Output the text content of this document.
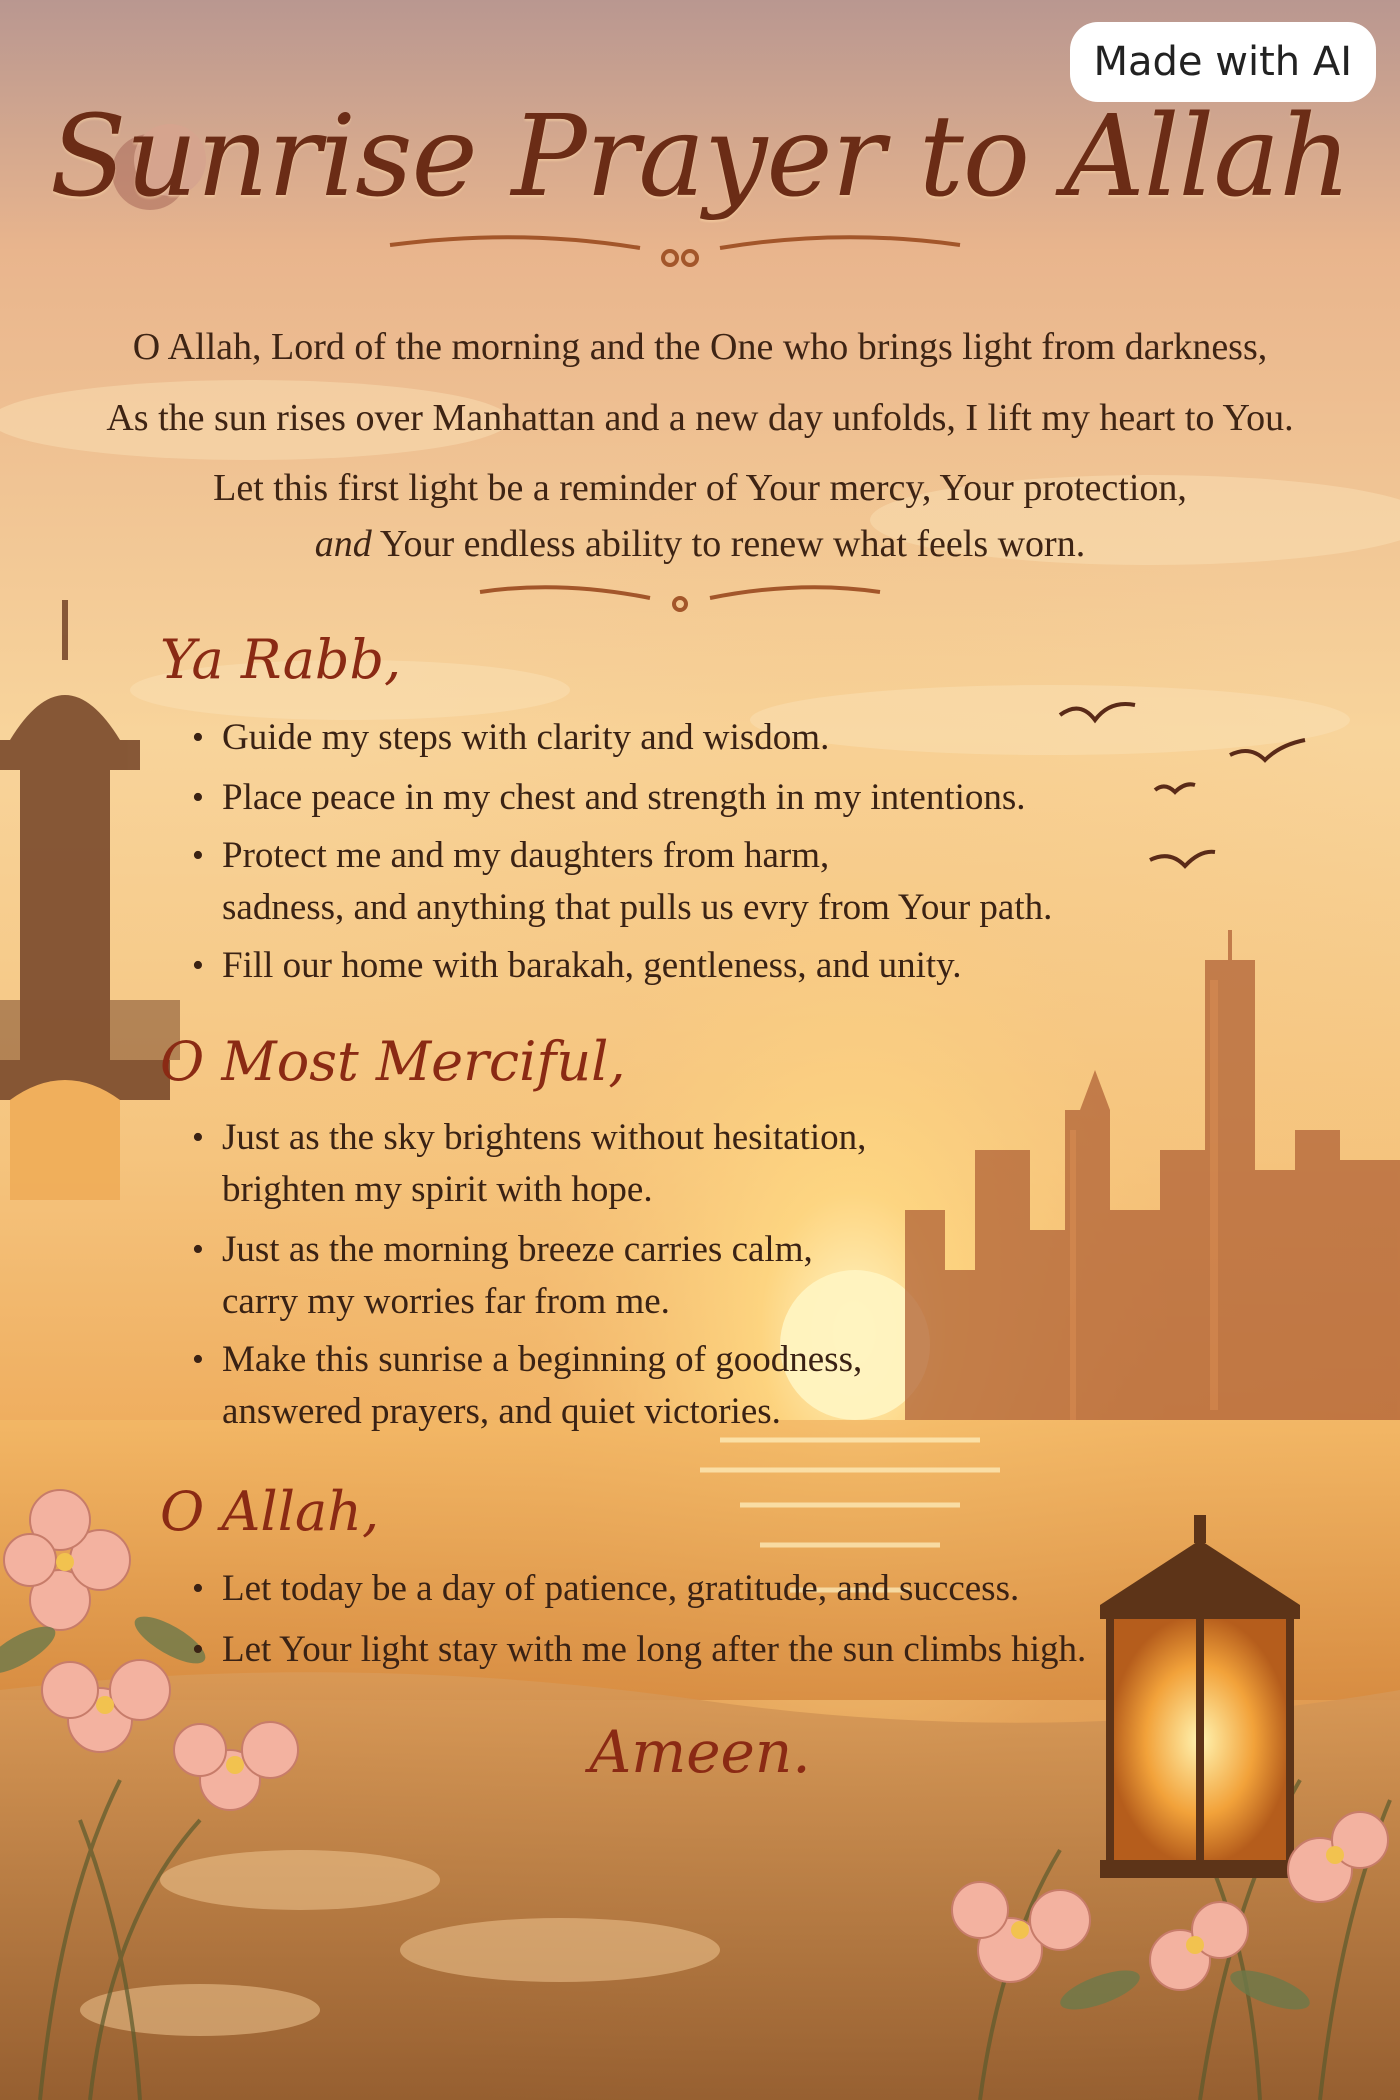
Made with AI
Sunrise Prayer to Allah
O Allah, Lord of the morning and the One who brings light from darkness,
As the sun rises over Manhattan and a new day unfolds, I lift my heart to You.
Let this first light be a reminder of Your mercy, Your protection,
and Your endless ability to renew what feels worn.
Ya Rabb,
• Guide my steps with clarity and wisdom.
• Place peace in my chest and strength in my intentions.
• Protect me and my daughters from harm,
sadness, and anything that pulls us evry from Your path.
• Fill our home with barakah, gentleness, and unity.
O Most Merciful,
• Just as the sky brightens without hesitation,
brighten my spirit with hope.
• Just as the morning breeze carries calm,
carry my worries far from me.
• Make this sunrise a beginning of goodness,
answered prayers, and quiet victories.
O Allah,
• Let today be a day of patience, gratitude, and success.
• Let Your light stay with me long after the sun climbs high.
Ameen.
